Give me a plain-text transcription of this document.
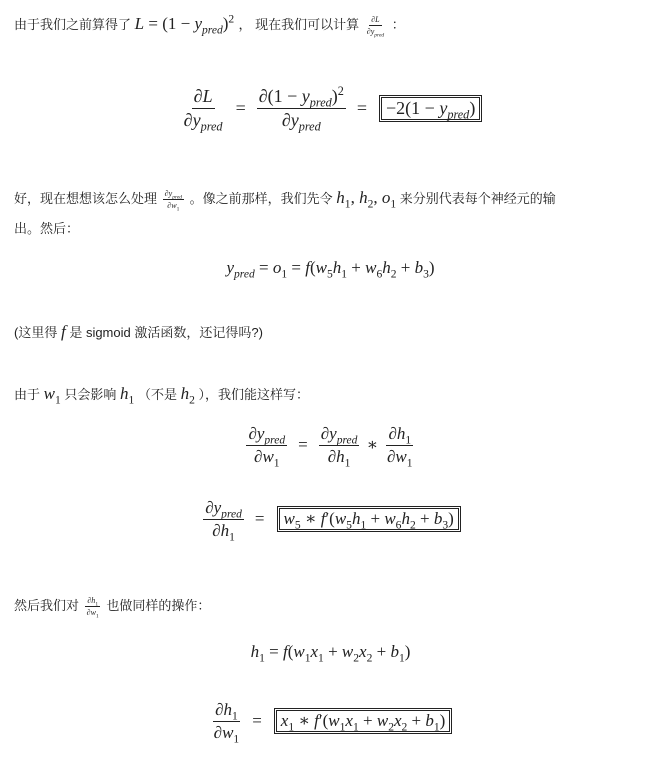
由于我们之前算得了 $L = (1 - y_{pred})^2$ ， 现在我们可以计算 $\frac{\partial L}{\partial y_{pred}}$ ：
$\frac{\partial L}{\partial y_{pred}} = \frac{\partial(1 - y_{pred})^2}{\partial y_{pred}}$ =	$-2(1 - y_{pred})$
好，现在想想该怎么处理 $\frac{\partial y_{pred}}{\partial w_1}$ 。像之前那样，我们先令 $h_1$, $h_2$, $o_1$ 来分别代表每个神经元的输
出。然后：
$y_{pred} = o_1 = f(w_5h_1 + w_6h_2 + b_3)$
(这里得 f 是 sigmoid 激活函数，还记得吗?)
由于 $w_1$ 只会影响 $h_1$ （不是 $h_2$ ），我们能这样写：
$\frac{\partial y_{pred}}{\partial w_1} = \frac{\partial y_{pred}}{\partial h_1}$ ∗ $\frac{\partial h_1}{\partial w_1}$
$\frac{\partial y_{pred}}{\partial h_1}$ =	$w_5$ ∗ $f'(w_5h_1 + w_6h_2 + b_3)$
然后我们对 $\frac{\partial h_1}{\partial w_1}$ 也做同样的操作：
$h_1 = f(w_1x_1 + w_2x_2 + b_1)$
$\frac{\partial h_1}{\partial w_1}$ =	$x_1$ ∗ $f'(w_1x_1 + w_2x_2 + b_1)$
